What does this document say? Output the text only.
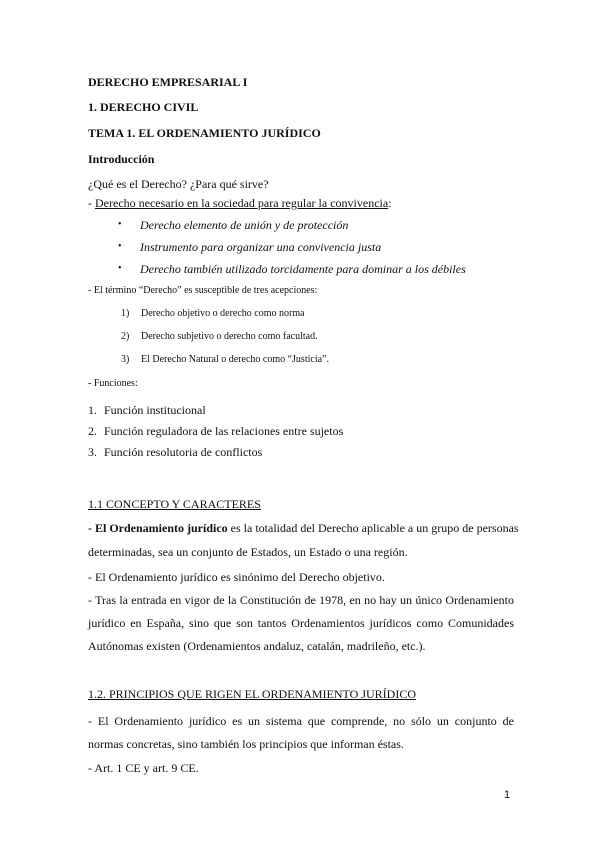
DERECHO EMPRESARIAL I
1. DERECHO CIVIL
TEMA 1. EL ORDENAMIENTO JURÍDICO
Introducción
¿Qué es el Derecho? ¿Para qué sirve?
- Derecho necesario en la sociedad para regular la convivencia:
• Derecho elemento de unión y de protección
• Instrumento para organizar una convivencia justa
• Derecho también utilizado torcidamente para dominar a los débiles
- El término “Derecho” es susceptible de tres acepciones:
1) Derecho objetivo o derecho como norma
2) Derecho subjetivo o derecho como facultad.
3) El Derecho Natural o derecho como “Justicia”.
- Funciones:
1. Función institucional
2. Función reguladora de las relaciones entre sujetos
3. Función resolutoria de conflictos
1.1 CONCEPTO Y CARACTERES
- El Ordenamiento jurídico es la totalidad del Derecho aplicable a un grupo de personas
determinadas, sea un conjunto de Estados, un Estado o una región.
- El Ordenamiento jurídico es sinónimo del Derecho objetivo.
- Tras la entrada en vigor de la Constitución de 1978, en no hay un único Ordenamiento
jurídico en España, sino que son tantos Ordenamientos jurídicos como Comunidades
Autónomas existen (Ordenamientos andaluz, catalán, madrileño, etc.).
1.2. PRINCIPIOS QUE RIGEN EL ORDENAMIENTO JURÍDICO
- El Ordenamiento jurídico es un sistema que comprende, no sólo un conjunto de
normas concretas, sino también los principios que informan éstas.
- Art. 1 CE y art. 9 CE.
1
